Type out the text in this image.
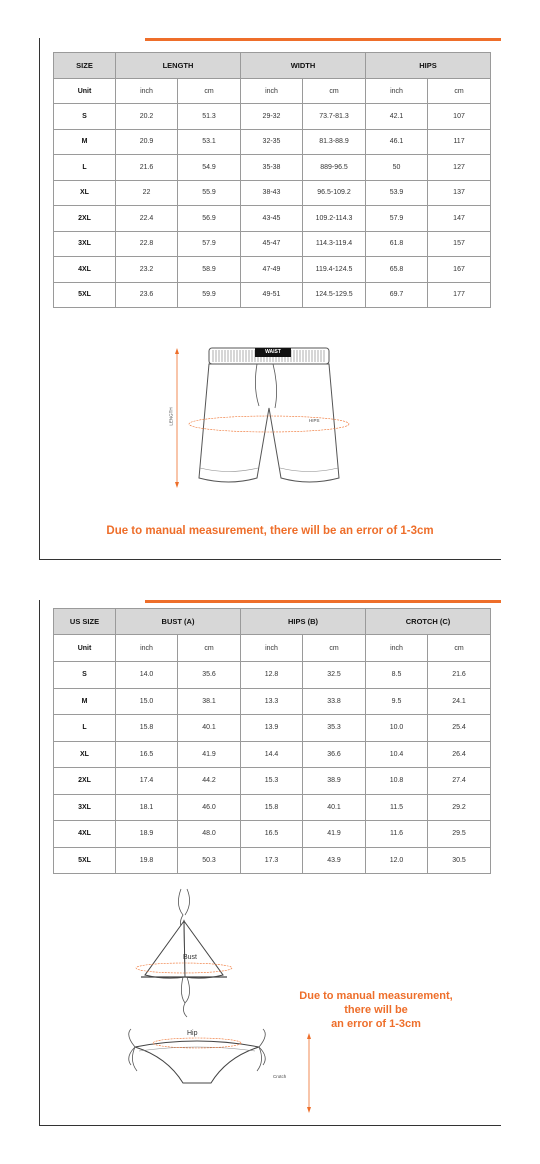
SIZE	LENGTH		WIDTH		HIPS	
Unit	inch	cm	inch	cm	inch	cm
S	20.2	51.3	29-32	73.7-81.3	42.1	107
M	20.9	53.1	32-35	81.3-88.9	46.1	117
L	21.6	54.9	35-38	889-96.5	50	127
XL	22	55.9	38-43	96.5-109.2	53.9	137
2XL	22.4	56.9	43-45	109.2-114.3	57.9	147
3XL	22.8	57.9	45-47	114.3-119.4	61.8	157
4XL	23.2	58.9	47-49	119.4-124.5	65.8	167
5XL	23.6	59.9	49-51	124.5-129.5	69.7	177
WAIST
LENGTH	HIPS
Due to manual measurement, there will be an error of 1-3cm
US SIZE	BUST (A)		HIPS (B)		CROTCH (C)	
Unit	inch	cm	inch	cm	inch	cm
S	14.0	35.6	12.8	32.5	8.5	21.6
M	15.0	38.1	13.3	33.8	9.5	24.1
L	15.8	40.1	13.9	35.3	10.0	25.4
XL	16.5	41.9	14.4	36.6	10.4	26.4
2XL	17.4	44.2	15.3	38.9	10.8	27.4
3XL	18.1	46.0	15.8	40.1	11.5	29.2
4XL	18.9	48.0	16.5	41.9	11.6	29.5
5XL	19.8	50.3	17.3	43.9	12.0	30.5
Bust
Hip
Crotch
Due to manual measurement,
there will be
an error of 1-3cm
